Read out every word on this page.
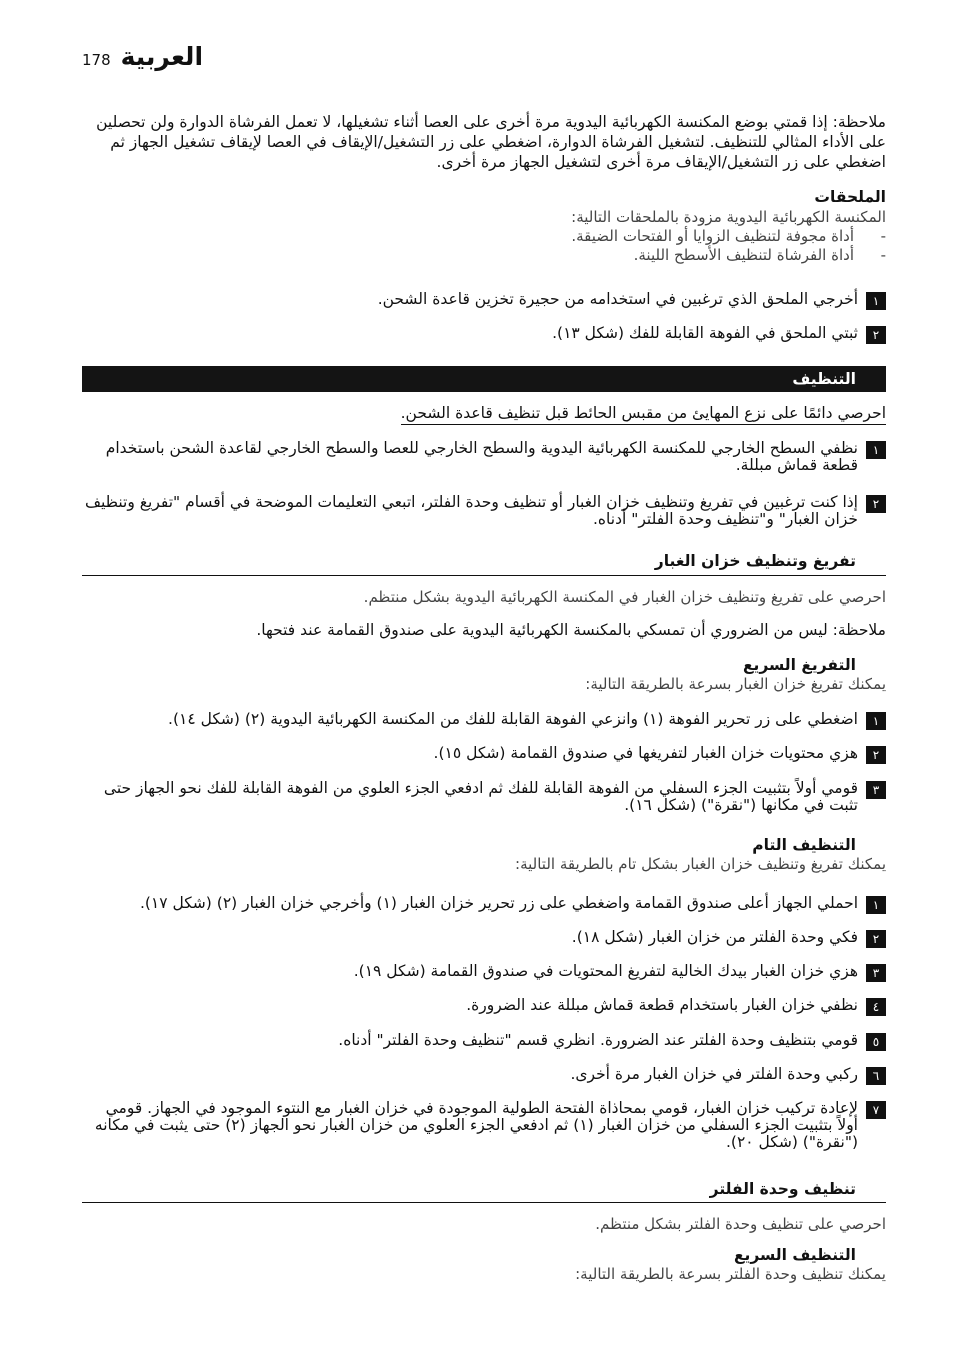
178 العربية

ملاحظة: إذا قمتي بوضع المكنسة الكهربائية اليدوية مرة أخرى على العصا أثناء تشغيلها، لا تعمل الفرشاة الدوارة ولن تحصلين على الأداء المثالي للتنظيف. لتشغيل الفرشاة الدوارة، اضغطي على زر التشغيل/الإيقاف في العصا لإيقاف تشغيل الجهاز ثم اضغطي على زر التشغيل/الإيقاف مرة أخرى لتشغيل الجهاز مرة أخرى.

الملحقات

المكنسة الكهربائية اليدوية مزودة بالملحقات التالية:

- أداة مجوفة لتنظيف الزوايا أو الفتحات الضيقة.
- أداة الفرشاة لتنظيف الأسطح اللينة.
١
أخرجي الملحق الذي ترغبين في استخدامه من حجيرة تخزين قاعدة الشحن.
٢
ثبتي الملحق في الفوهة القابلة للفك (شكل ١٣).
التنظيف

احرصي دائمًا على نزع المهايئ من مقبس الحائط قبل تنظيف قاعدة الشحن.

١
نظفي السطح الخارجي للمكنسة الكهربائية اليدوية والسطح الخارجي للعصا والسطح الخارجي لقاعدة الشحن باستخدام قطعة قماش مبللة.
٢
إذا كنت ترغبين في تفريغ وتنظيف خزان الغبار أو تنظيف وحدة الفلتر، اتبعي التعليمات الموضحة في أقسام "تفريغ وتنظيف خزان الغبار" و"تنظيف وحدة الفلتر" أدناه.

تفريغ وتنظيف خزان الغبار

احرصي على تفريغ وتنظيف خزان الغبار في المكنسة الكهربائية اليدوية بشكل منتظم.

ملاحظة: ليس من الضروري أن تمسكي بالمكنسة الكهربائية اليدوية على صندوق القمامة عند فتحها.

التفريغ السريع

يمكنك تفريغ خزان الغبار بسرعة بالطريقة التالية:

١
اضغطي على زر تحرير الفوهة (١) وانزعي الفوهة القابلة للفك من المكنسة الكهربائية اليدوية (٢) (شكل ١٤).
٢
هزي محتويات خزان الغبار لتفريغها في صندوق القمامة (شكل ١٥).
٣
قومي أولاً بتثبيت الجزء السفلي من الفوهة القابلة للفك ثم ادفعي الجزء العلوي من الفوهة القابلة للفك نحو الجهاز حتى تثبت في مكانها ("نقرة") (شكل ١٦).

التنظيف التام

يمكنك تفريغ وتنظيف خزان الغبار بشكل تام بالطريقة التالية:

١
احملي الجهاز أعلى صندوق القمامة واضغطي على زر تحرير خزان الغبار (١) وأخرجي خزان الغبار (٢) (شكل ١٧).
٢
فكي وحدة الفلتر من خزان الغبار (شكل ١٨).
٣
هزي خزان الغبار بيدك الخالية لتفريغ المحتويات في صندوق القمامة (شكل ١٩).
٤
نظفي خزان الغبار باستخدام قطعة قماش مبللة عند الضرورة.
٥
قومي بتنظيف وحدة الفلتر عند الضرورة. انظري قسم "تنظيف وحدة الفلتر" أدناه.
٦
ركبي وحدة الفلتر في خزان الغبار مرة أخرى.
٧
لإعادة تركيب خزان الغبار، قومي بمحاذاة الفتحة الطولية الموجودة في خزان الغبار مع النتوء الموجود في الجهاز. قومي أولاً بتثبيت الجزء السفلي من خزان الغبار (١) ثم ادفعي الجزء العلوي من خزان الغبار نحو الجهاز (٢) حتى يثبت في مكانه ("نقرة") (شكل ٢٠).

تنظيف وحدة الفلتر

احرصي على تنظيف وحدة الفلتر بشكل منتظم.

التنظيف السريع

يمكنك تنظيف وحدة الفلتر بسرعة بالطريقة التالية:
